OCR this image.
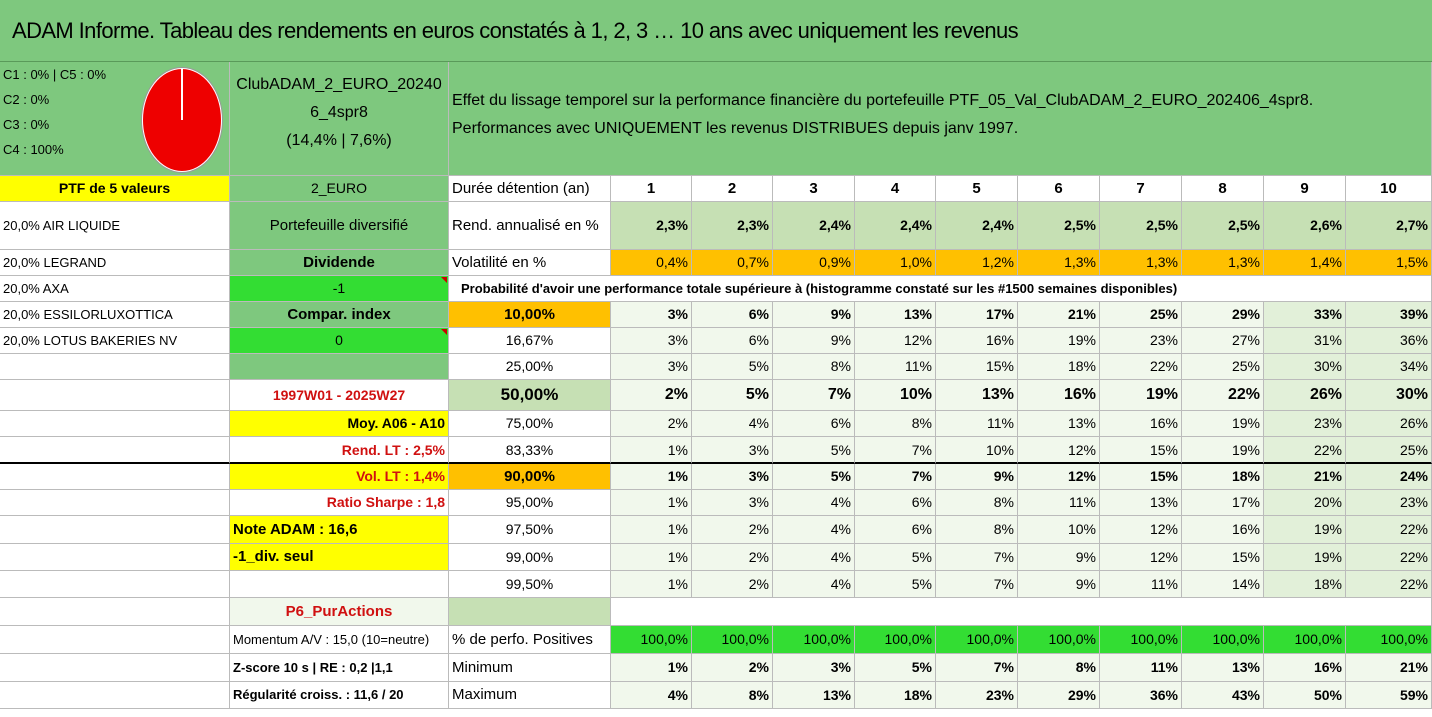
ADAM Informe. Tableau des rendements en euros constatés à 1, 2, 3 … 10 ans avec uniquement les revenus
C1 : 0% | C5 : 0%
C2 : 0%
C3 : 0%
C4 : 100%
ClubADAM_2_EURO_20240
6_4spr8
(14,4% | 7,6%)
Effet du lissage temporel sur la performance financière du portefeuille PTF_05_Val_ClubADAM_2_EURO_202406_4spr8.
Performances avec UNIQUEMENT les revenus DISTRIBUES depuis janv 1997.
PTF de 5 valeurs
20,0% AIR LIQUIDE
20,0% LEGRAND
20,0% AXA
20,0% ESSILORLUXOTTICA
20,0% LOTUS BAKERIES NV
2_EURO
Portefeuille diversifié
Dividende
-1
Compar. index
0
1997W01 - 2025W27
Moy. A06 - A10
Rend. LT : 2,5%
Vol. LT : 1,4%
Ratio Sharpe : 1,8
Note ADAM : 16,6
-1_div. seul
P6_PurActions
Momentum A/V : 15,0 (10=neutre)
Z-score 10 s | RE : 0,2 |1,1
Régularité croiss. : 11,6 / 20
Durée détention (an)	1	2	3	4	5	6	7	8	9	10
Rend. annualisé en %	2,3%	2,3%	2,4%	2,4%	2,4%	2,5%	2,5%	2,5%	2,6%	2,7%
Volatilité en %	0,4%	0,7%	0,9%	1,0%	1,2%	1,3%	1,3%	1,3%	1,4%	1,5%
Probabilité d'avoir une performance totale supérieure à (histogramme constaté sur les #1500 semaines disponibles)
10,00%	3%	6%	9%	13%	17%	21%	25%	29%	33%	39%
16,67%	3%	6%	9%	12%	16%	19%	23%	27%	31%	36%
25,00%	3%	5%	8%	11%	15%	18%	22%	25%	30%	34%
50,00%	2%	5%	7%	10%	13%	16%	19%	22%	26%	30%
75,00%	2%	4%	6%	8%	11%	13%	16%	19%	23%	26%
83,33%	1%	3%	5%	7%	10%	12%	15%	19%	22%	25%
90,00%	1%	3%	5%	7%	9%	12%	15%	18%	21%	24%
95,00%	1%	3%	4%	6%	8%	11%	13%	17%	20%	23%
97,50%	1%	2%	4%	6%	8%	10%	12%	16%	19%	22%
99,00%	1%	2%	4%	5%	7%	9%	12%	15%	19%	22%
99,50%	1%	2%	4%	5%	7%	9%	11%	14%	18%	22%
% de perfo. Positives	100,0%	100,0%	100,0%	100,0%	100,0%	100,0%	100,0%	100,0%	100,0%	100,0%
Minimum	1%	2%	3%	5%	7%	8%	11%	13%	16%	21%
Maximum	4%	8%	13%	18%	23%	29%	36%	43%	50%	59%
